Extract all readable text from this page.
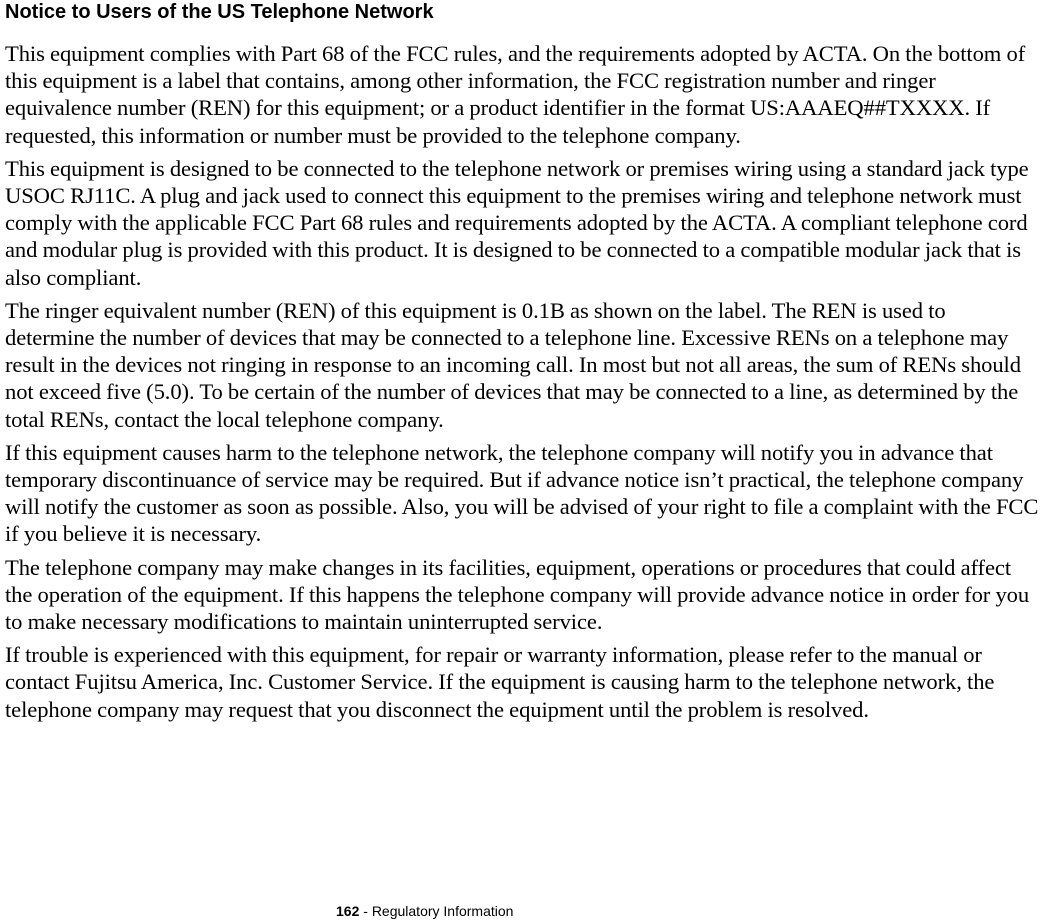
Notice to Users of the US Telephone Network

This equipment complies with Part 68 of the FCC rules, and the requirements adopted by ACTA. On the bottom of this equipment is a label that contains, among other information, the FCC registration number and ringer equivalence number (REN) for this equipment; or a product identifier in the format US:AAAEQ##TXXXX. If requested, this information or number must be provided to the telephone company.

This equipment is designed to be connected to the telephone network or premises wiring using a standard jack type USOC RJ11C. A plug and jack used to connect this equipment to the premises wiring and telephone network must comply with the applicable FCC Part 68 rules and requirements adopted by the ACTA. A compliant telephone cord and modular plug is provided with this product. It is designed to be connected to a compatible modular jack that is also compliant.

The ringer equivalent number (REN) of this equipment is 0.1B as shown on the label. The REN is used to determine the number of devices that may be connected to a telephone line. Excessive RENs on a telephone may result in the devices not ringing in response to an incoming call. In most but not all areas, the sum of RENs should not exceed five (5.0). To be certain of the number of devices that may be connected to a line, as determined by the total RENs, contact the local telephone company.

If this equipment causes harm to the telephone network, the telephone company will notify you in advance that temporary discontinuance of service may be required. But if advance notice isn’t practical, the telephone company will notify the customer as soon as possible. Also, you will be advised of your right to file a complaint with the FCC if you believe it is necessary.

The telephone company may make changes in its facilities, equipment, operations or procedures that could affect the operation of the equipment. If this happens the telephone company will provide advance notice in order for you to make necessary modifications to maintain uninterrupted service.

If trouble is experienced with this equipment, for repair or warranty information, please refer to the manual or contact Fujitsu America, Inc. Customer Service. If the equipment is causing harm to the telephone network, the telephone company may request that you disconnect the equipment until the problem is resolved.

162 - Regulatory Information
